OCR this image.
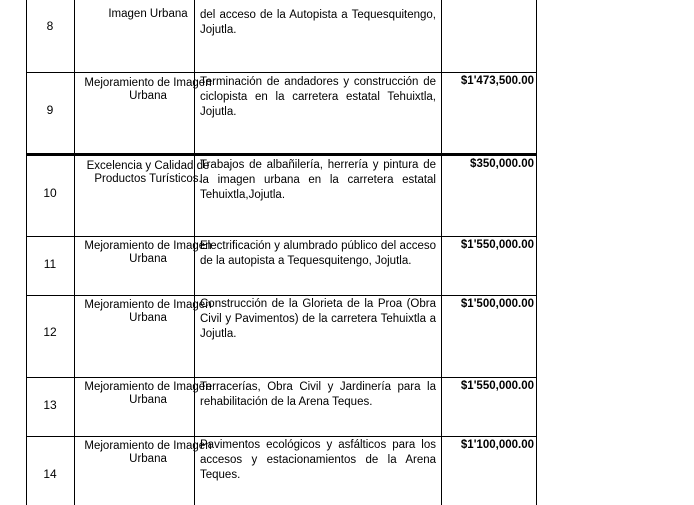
8
Imagen Urbana	del acceso de la Autopista a Tequesquitengo, Jojutla.
9
Mejoramiento de Imagen Urbana
Terminación de andadores y construcción de ciclopista en la carretera estatal Tehuixtla, Jojutla.
$1'473,500.00
10
Excelencia y Calidad de Productos Turísticos.
Trabajos de albañilería, herrería y pintura de la imagen urbana en la carretera estatal Tehuixtla,Jojutla.
$350,000.00
11
Mejoramiento de Imagen Urbana
Electrificación y alumbrado público del acceso de la autopista a Tequesquitengo, Jojutla.
$1'550,000.00
12
Mejoramiento de Imagen Urbana
Construcción de la Glorieta de la Proa (Obra Civil y Pavimentos) de la carretera Tehuixtla a Jojutla.
$1'500,000.00
13
Mejoramiento de Imagen Urbana
Terracerías, Obra Civil y Jardinería para la rehabilitación de la Arena Teques.
$1'550,000.00
14
Mejoramiento de Imagen Urbana
Pavimentos ecológicos y asfálticos para los accesos y estacionamientos de la Arena Teques.
$1'100,000.00
